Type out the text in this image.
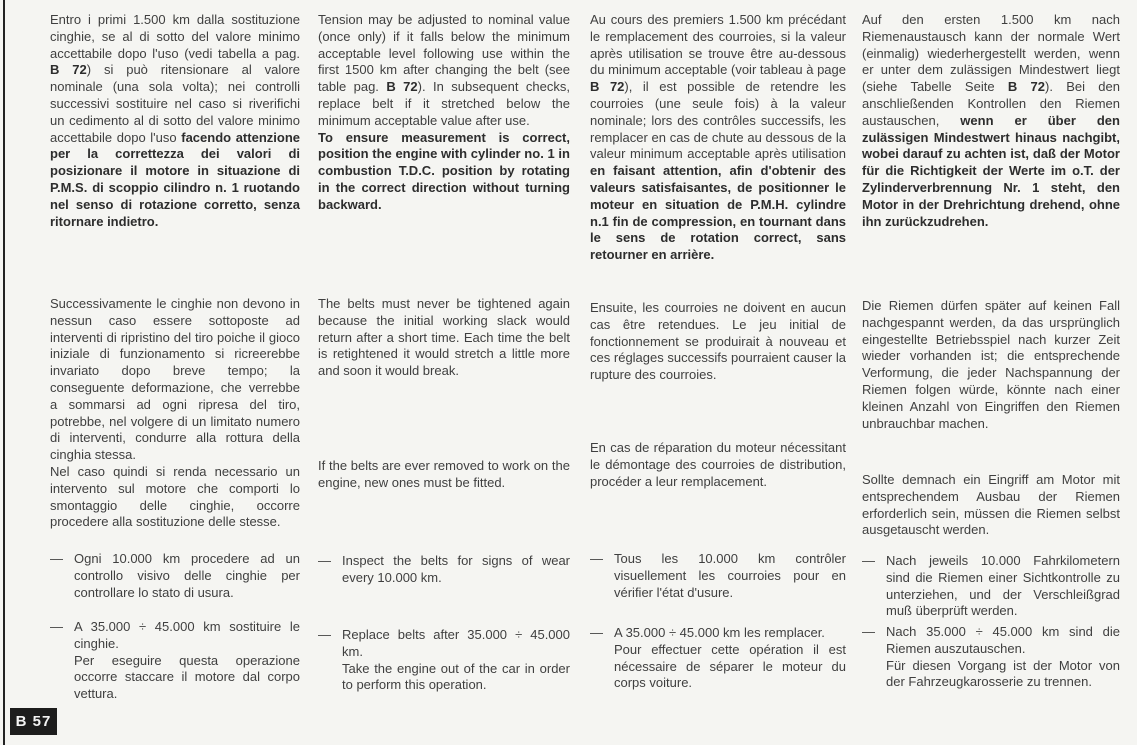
Entro i primi 1.500 km dalla sostituzione cinghie, se al di sotto del valore minimo accettabile dopo l'uso (vedi tabella a pag. B 72) si può ritensionare al valore nominale (una sola volta); nei controlli successivi sostituire nel caso si riverifichi un cedimento al di sotto del valore minimo accettabile dopo l'uso facendo attenzione per la correttezza dei valori di posizionare il motore in situazione di P.M.S. di scoppio cilindro n. 1 ruotando nel senso di rotazione corretto, senza ritornare indietro.
Successivamente le cinghie non devono in nessun caso essere sottoposte ad interventi di ripristino del tiro poiche il gioco iniziale di funzionamento si ricreerebbe invariato dopo breve tempo; la conseguente deformazione, che verrebbe a sommarsi ad ogni ripresa del tiro, potrebbe, nel volgere di un limitato numero di interventi, condurre alla rottura della cinghia stessa.
Nel caso quindi si renda necessario un intervento sul motore che comporti lo smontaggio delle cinghie, occorre procedere alla sostituzione delle stesse.
— Ogni 10.000 km procedere ad un controllo visivo delle cinghie per controllare lo stato di usura.

— A 35.000 ÷ 45.000 km sostituire le cinghie.

Per eseguire questa operazione occorre staccare il motore dal corpo vettura.

Tension may be adjusted to nominal value (once only) if it falls below the minimum acceptable level following use within the first 1500 km after changing the belt (see table pag. B 72). In subsequent checks, replace belt if it stretched below the minimum acceptable value after use.

To ensure measurement is correct, position the engine with cylinder no. 1 in combustion T.D.C. position by rotating in the correct direction without turning backward.

The belts must never be tightened again because the initial working slack would return after a short time. Each time the belt is retightened it would stretch a little more and soon it would break.
If the belts are ever removed to work on the engine, new ones must be fitted.
— Inspect the belts for signs of wear every 10.000 km.

— Replace belts after 35.000 ÷ 45.000 km.

Take the engine out of the car in order to perform this operation.

Au cours des premiers 1.500 km précédant le remplacement des courroies, si la valeur après utilisation se trouve être au-dessous du minimum acceptable (voir tableau à page B 72), il est possible de retendre les courroies (une seule fois) à la valeur nominale; lors des contrôles successifs, les remplacer en cas de chute au dessous de la valeur minimum acceptable après utilisation en faisant attention, afin d'obtenir des valeurs satisfaisantes, de positionner le moteur en situation de P.M.H. cylindre n.1 fin de compression, en tournant dans le sens de rotation correct, sans retourner en arrière.
Ensuite, les courroies ne doivent en aucun cas être retendues. Le jeu initial de fonctionnement se produirait à nouveau et ces réglages successifs pourraient causer la rupture des courroies.
En cas de réparation du moteur nécessitant le démontage des courroies de distribution, procéder a leur remplacement.
— Tous les 10.000 km contrôler visuellement les courroies pour en vérifier l'état d'usure.

— A 35.000 ÷ 45.000 km les remplacer.

Pour effectuer cette opération il est nécessaire de séparer le moteur du corps voiture.

Auf den ersten 1.500 km nach Riemenaustausch kann der normale Wert (einmalig) wiederhergestellt werden, wenn er unter dem zulässigen Mindestwert liegt (siehe Tabelle Seite B 72). Bei den anschließenden Kontrollen den Riemen austauschen, wenn er über den zulässigen Mindestwert hinaus nachgibt, wobei darauf zu achten ist, daß der Motor für die Richtigkeit der Werte im o.T. der Zylinderverbrennung Nr. 1 steht, den Motor in der Drehrichtung drehend, ohne ihn zurückzudrehen.
Die Riemen dürfen später auf keinen Fall nachgespannt werden, da das ursprünglich eingestellte Betriebsspiel nach kurzer Zeit wieder vorhanden ist; die entsprechende Verformung, die jeder Nachspannung der Riemen folgen würde, könnte nach einer kleinen Anzahl von Eingriffen den Riemen unbrauchbar machen.
Sollte demnach ein Eingriff am Motor mit entsprechendem Ausbau der Riemen erforderlich sein, müssen die Riemen selbst ausgetauscht werden.
— Nach jeweils 10.000 Fahrkilometern sind die Riemen einer Sichtkontrolle zu unterziehen, und der Verschleißgrad muß überprüft werden.

— Nach 35.000 ÷ 45.000 km sind die Riemen auszutauschen.

Für diesen Vorgang ist der Motor von der Fahrzeugkarosserie zu trennen.

B 57
